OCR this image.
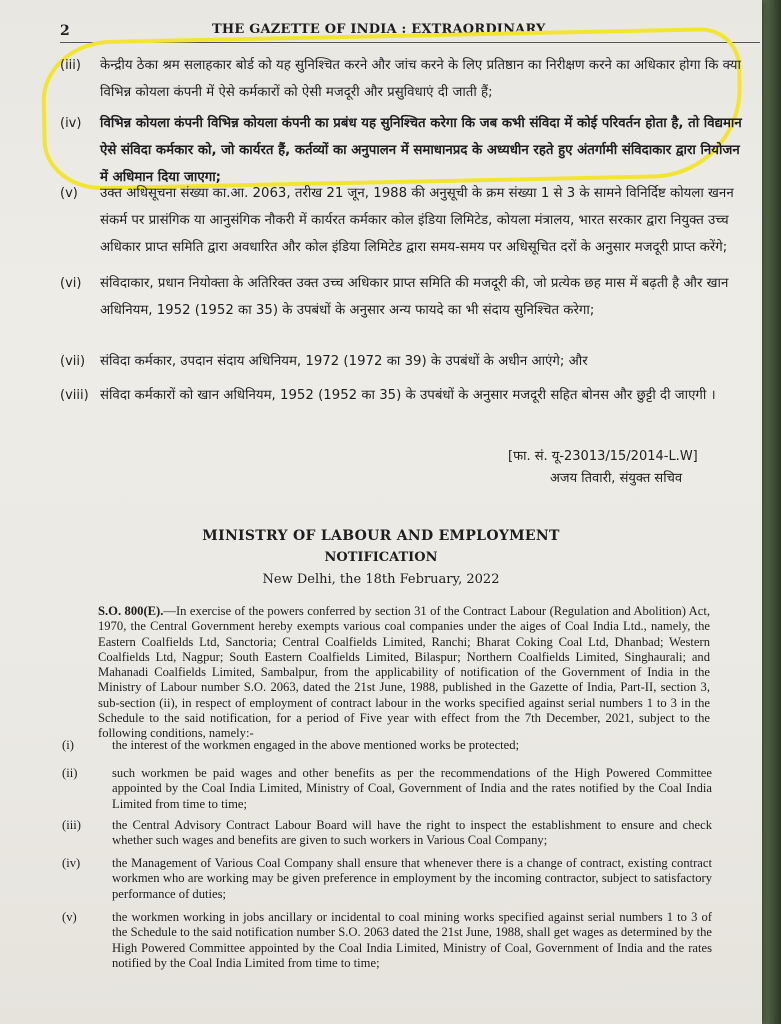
2	THE GAZETTE OF INDIA : EXTRAORDINARY
(iii)	केन्द्रीय ठेका श्रम सलाहकार बोर्ड को यह सुनिश्चित करने और जांच करने के लिए प्रतिष्ठान का निरीक्षण करने का अधिकार होगा कि क्या विभिन्न कोयला कंपनी में ऐसे कर्मकारों को ऐसी मजदूरी और प्रसुविधाएं दी जाती हैं;
(iv)	विभिन्न कोयला कंपनी विभिन्न कोयला कंपनी का प्रबंध यह सुनिश्चित करेगा कि जब कभी संविदा में कोई परिवर्तन होता है, तो विद्यमान ऐसे संविदा कर्मकार को, जो कार्यरत हैं, कर्तव्यों का अनुपालन में समाधानप्रद के अध्यधीन रहते हुए अंतर्गामी संविदाकार द्वारा नियोजन में अधिमान दिया जाएगा;
(v)	उक्त अधिसूचना संख्या का.आ. 2063, तरीख 21 जून, 1988 की अनुसूची के क्रम संख्या 1 से 3 के सामने विनिर्दिष्ट कोयला खनन संकर्म पर प्रासंगिक या आनुसंगिक नौकरी में कार्यरत कर्मकार कोल इंडिया लिमिटेड, कोयला मंत्रालय, भारत सरकार द्वारा नियुक्त उच्च अधिकार प्राप्त समिति द्वारा अवधारित और कोल इंडिया लिमिटेड द्वारा समय-समय पर अधिसूचित दरों के अनुसार मजदूरी प्राप्त करेंगे;
(vi)	संविदाकार, प्रधान नियोक्ता के अतिरिक्त उक्त उच्च अधिकार प्राप्त समिति की मजदूरी की, जो प्रत्येक छह मास में बढ़ती है और खान अधिनियम, 1952 (1952 का 35) के उपबंधों के अनुसार अन्य फायदे का भी संदाय सुनिश्चित करेगा;
(vii)	संविदा कर्मकार, उपदान संदाय अधिनियम, 1972 (1972 का 39) के उपबंधों के अधीन आएंगे; और
(viii) संविदा कर्मकारों को खान अधिनियम, 1952 (1952 का 35) के उपबंधों के अनुसार मजदूरी सहित बोनस और छुट्टी दी जाएगी ।
[फा. सं. यू-23013/15/2014-L.W]
अजय तिवारी, संयुक्त सचिव
MINISTRY OF LABOUR AND EMPLOYMENT
NOTIFICATION
New Delhi, the 18th February, 2022
S.O. 800(E).—In exercise of the powers conferred by section 31 of the Contract Labour (Regulation and Abolition) Act, 1970, the Central Government hereby exempts various coal companies under the aiges of Coal India Ltd., namely, the Eastern Coalfields Ltd, Sanctoria; Central Coalfields Limited, Ranchi; Bharat Coking Coal Ltd, Dhanbad; Western Coalfields Ltd, Nagpur; South Eastern Coalfields Limited, Bilaspur; Northern Coalfields Limited, Singhaurali; and Mahanadi Coalfields Limited, Sambalpur, from the applicability of notification of the Government of India in the Ministry of Labour number S.O. 2063, dated the 21st June, 1988, published in the Gazette of India, Part-II, section 3, sub-section (ii), in respect of employment of contract labour in the works specified against serial numbers 1 to 3 in the Schedule to the said notification, for a period of Five year with effect from the 7th December, 2021, subject to the following conditions, namely:-
(i)	the interest of the workmen engaged in the above mentioned works be protected;
(ii)	such workmen be paid wages and other benefits as per the recommendations of the High Powered Committee appointed by the Coal India Limited, Ministry of Coal, Government of India and the rates notified by the Coal India Limited from time to time;
(iii)	the Central Advisory Contract Labour Board will have the right to inspect the establishment to ensure and check whether such wages and benefits are given to such workers in Various Coal Company;
(iv)	the Management of Various Coal Company shall ensure that whenever there is a change of contract, existing contract workmen who are working may be given preference in employment by the incoming contractor, subject to satisfactory performance of duties;
(v)	the workmen working in jobs ancillary or incidental to coal mining works specified against serial numbers 1 to 3 of the Schedule to the said notification number S.O. 2063 dated the 21st June, 1988, shall get wages as determined by the High Powered Committee appointed by the Coal India Limited, Ministry of Coal, Government of India and the rates notified by the Coal India Limited from time to time;
